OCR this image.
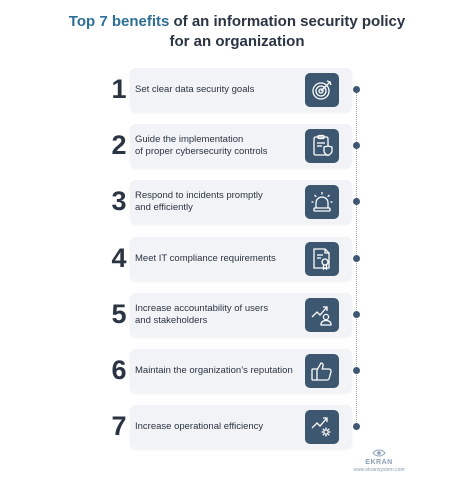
Top 7 benefits of an information security policy
for an organization
1 Set clear data security goals
2 Guide the implementation
of proper cybersecurity controls
3 Respond to incidents promptly
and efficiently
4 Meet IT compliance requirements
5 Increase accountability of users
and stakeholders
6 Maintain the organization’s reputation
7 Increase operational efficiency
EKRAN
www.ekransystem.com
